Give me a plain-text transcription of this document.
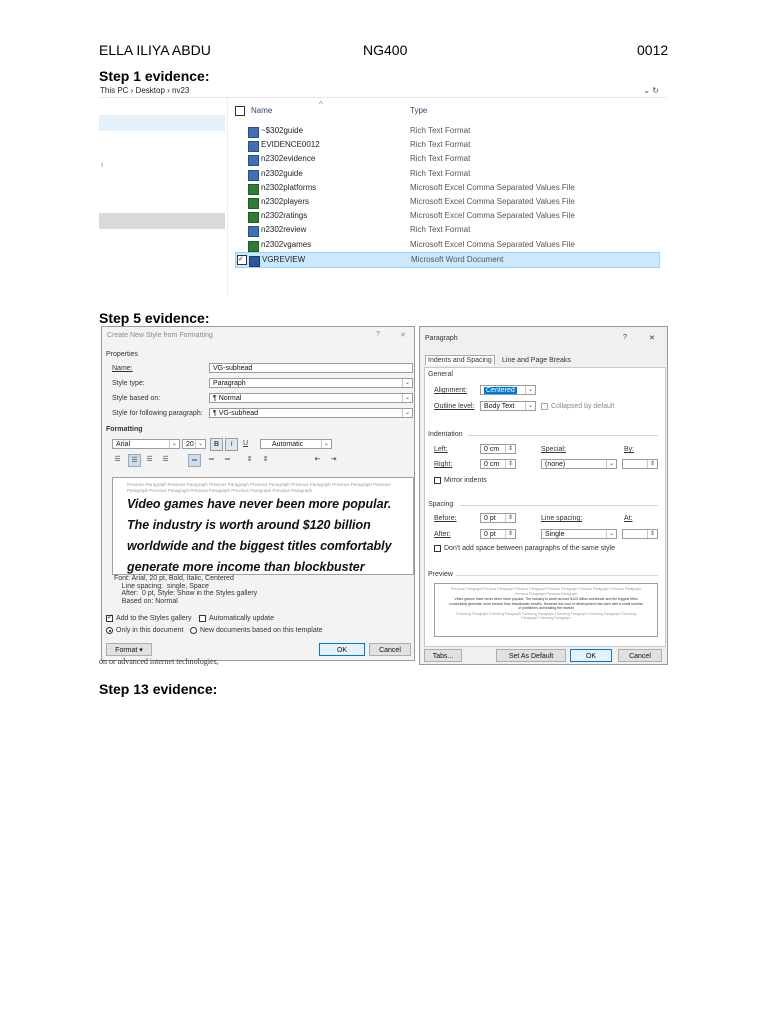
ELLA ILIYA ABDU	NG400	0012
Step 1 evidence:
This PC › Desktop › nv23	⌄ ↻
ı
Name
^
Type
~$302guide	Rich Text Format
EVIDENCE0012	Rich Text Format
n2302evidence	Rich Text Format
n2302guide	Rich Text Format
n2302platforms	Microsoft Excel Comma Separated Values File
n2302players	Microsoft Excel Comma Separated Values File
n2302ratings	Microsoft Excel Comma Separated Values File
n2302review	Rich Text Format
n2302vgames	Microsoft Excel Comma Separated Values File
✓ VGREVIEW	Microsoft Word Document
Step 5 evidence:
Create New Style from Formatting	?	✕
Properties
Name:	VG-subhead
Style type:	Paragraph	⌄
Style based on:	¶ Normal	⌄
Style for following paragraph:	¶ VG-subhead	⌄
Formatting
Arial	⌄	20 ⌄	B	I	U	Automatic	⌄
☰	☰	☰	☰	═	═	═	⇕	⇕	⇤	⇥
Previous Paragraph Previous Paragraph Previous Paragraph Previous Paragraph Previous Paragraph Previous Paragraph Previous Paragraph Previous Paragraph Previous Paragraph Previous Paragraph Previous Paragraph
Video games have never been more popular. The industry is worth around $120 billion worldwide and the biggest titles comfortably generate more income than blockbuster
Font: Arial, 20 pt, Bold, Italic, Centered
Line spacing:  single, Space
After:  0 pt, Style: Show in the Styles gallery
Based on: Normal
✓ Add to the Styles gallery	Automatically update
Only in this document New documents based on this template
Format ▾	OK	Cancel
on or advanced internet technologies,
Paragraph	?	✕
Indents and Spacing	Line and Page Breaks
General
Alignment:	Centered	⌄
Outline level:	Body Text	⌄	Collapsed by default
Indentation
Left:	0 cm	⇕	Special:	By:
Right:	0 cm	⇕	(none)	⌄	⇕
Mirror indents
Spacing
Before:	0 pt	⇕	Line spacing:	At:
After:	0 pt	⇕	Single	⌄	⇕
Don't add space between paragraphs of the same style
Preview
Previous Paragraph Previous Paragraph Previous Paragraph Previous Paragraph Previous Paragraph Previous Paragraph Previous Paragraph Previous Paragraph
Video games have never been more popular. The industry is worth around $120 billion worldwide and the biggest titles comfortably generate more income than blockbuster movies. However the cost of development has risen with a small number of publishers dominating the market
Following Paragraph Following Paragraph Following Paragraph Following Paragraph Following Paragraph Following Paragraph Following Paragraph
Tabs...	Set As Default	OK	Cancel
Step 13 evidence:
